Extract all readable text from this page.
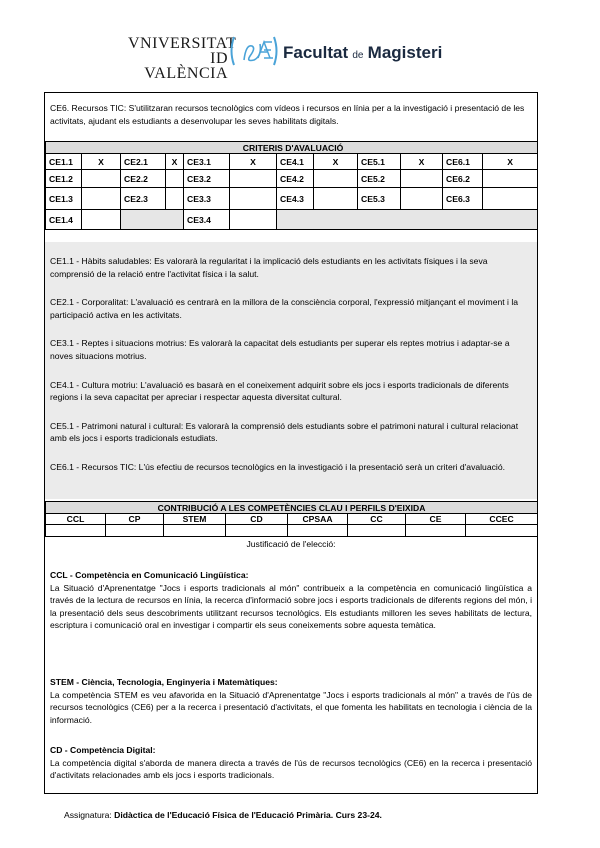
VNIVERSITAT
ID VALÈNCIA
Facultat de Magisteri

CE6. Recursos TIC: S'utilitzaran recursos tecnològics com vídeos i recursos en línia per a la investigació i presentació de les activitats, ajudant els estudiants a desenvolupar les seves habilitats digitals.

CRITERIS D'AVALUACIÓ											
CE1.1	X	CE2.1	X	CE3.1	X	CE4.1	X	CE5.1	X	CE6.1	X
CE1.2		CE2.2		CE3.2		CE4.2		CE5.2		CE6.2	
CE1.3		CE2.3		CE3.3		CE4.3		CE5.3		CE6.3	
CE1.4				CE3.4							

CE1.1 - Hàbits saludables: Es valorarà la regularitat i la implicació dels estudiants en les activitats físiques i la seva comprensió de la relació entre l'activitat física i la salut.

CE2.1 - Corporalitat: L'avaluació es centrarà en la millora de la consciència corporal, l'expressió mitjançant el moviment i la participació activa en les activitats.

CE3.1 - Reptes i situacions motrius: Es valorarà la capacitat dels estudiants per superar els reptes motrius i adaptar-se a noves situacions motrius.

CE4.1 - Cultura motriu: L'avaluació es basarà en el coneixement adquirit sobre els jocs i esports tradicionals de diferents regions i la seva capacitat per apreciar i respectar aquesta diversitat cultural.

CE5.1 - Patrimoni natural i cultural: Es valorarà la comprensió dels estudiants sobre el patrimoni natural i cultural relacionat amb els jocs i esports tradicionals estudiats.

CE6.1 - Recursos TIC: L'ús efectiu de recursos tecnològics en la investigació i la presentació serà un criteri d'avaluació.

CONTRIBUCIÓ A LES COMPETÈNCIES CLAU I PERFILS D'EIXIDA							
CCL	CP	STEM	CD	CPSAA	CC	CE	CCEC

Justificació de l'elecció:
CCL - Competència en Comunicació Lingüística:
La Situació d'Aprenentatge "Jocs i esports tradicionals al món" contribueix a la competència en comunicació lingüística a través de la lectura de recursos en línia, la recerca d'informació sobre jocs i esports tradicionals de diferents regions del món, i la presentació dels seus descobriments utilitzant recursos tecnològics. Els estudiants milloren les seves habilitats de lectura, escriptura i comunicació oral en investigar i compartir els seus coneixements sobre aquesta temàtica.
STEM - Ciència, Tecnologia, Enginyeria i Matemàtiques:
La competència STEM es veu afavorida en la Situació d'Aprenentatge "Jocs i esports tradicionals al món" a través de l'ús de recursos tecnològics (CE6) per a la recerca i presentació d'activitats, el que fomenta les habilitats en tecnologia i ciència de la informació.
CD - Competència Digital:
La competència digital s'aborda de manera directa a través de l'ús de recursos tecnològics (CE6) en la recerca i presentació d'activitats relacionades amb els jocs i esports tradicionals.
Assignatura: Didàctica de l'Educació Física de l'Educació Primària. Curs 23-24.
